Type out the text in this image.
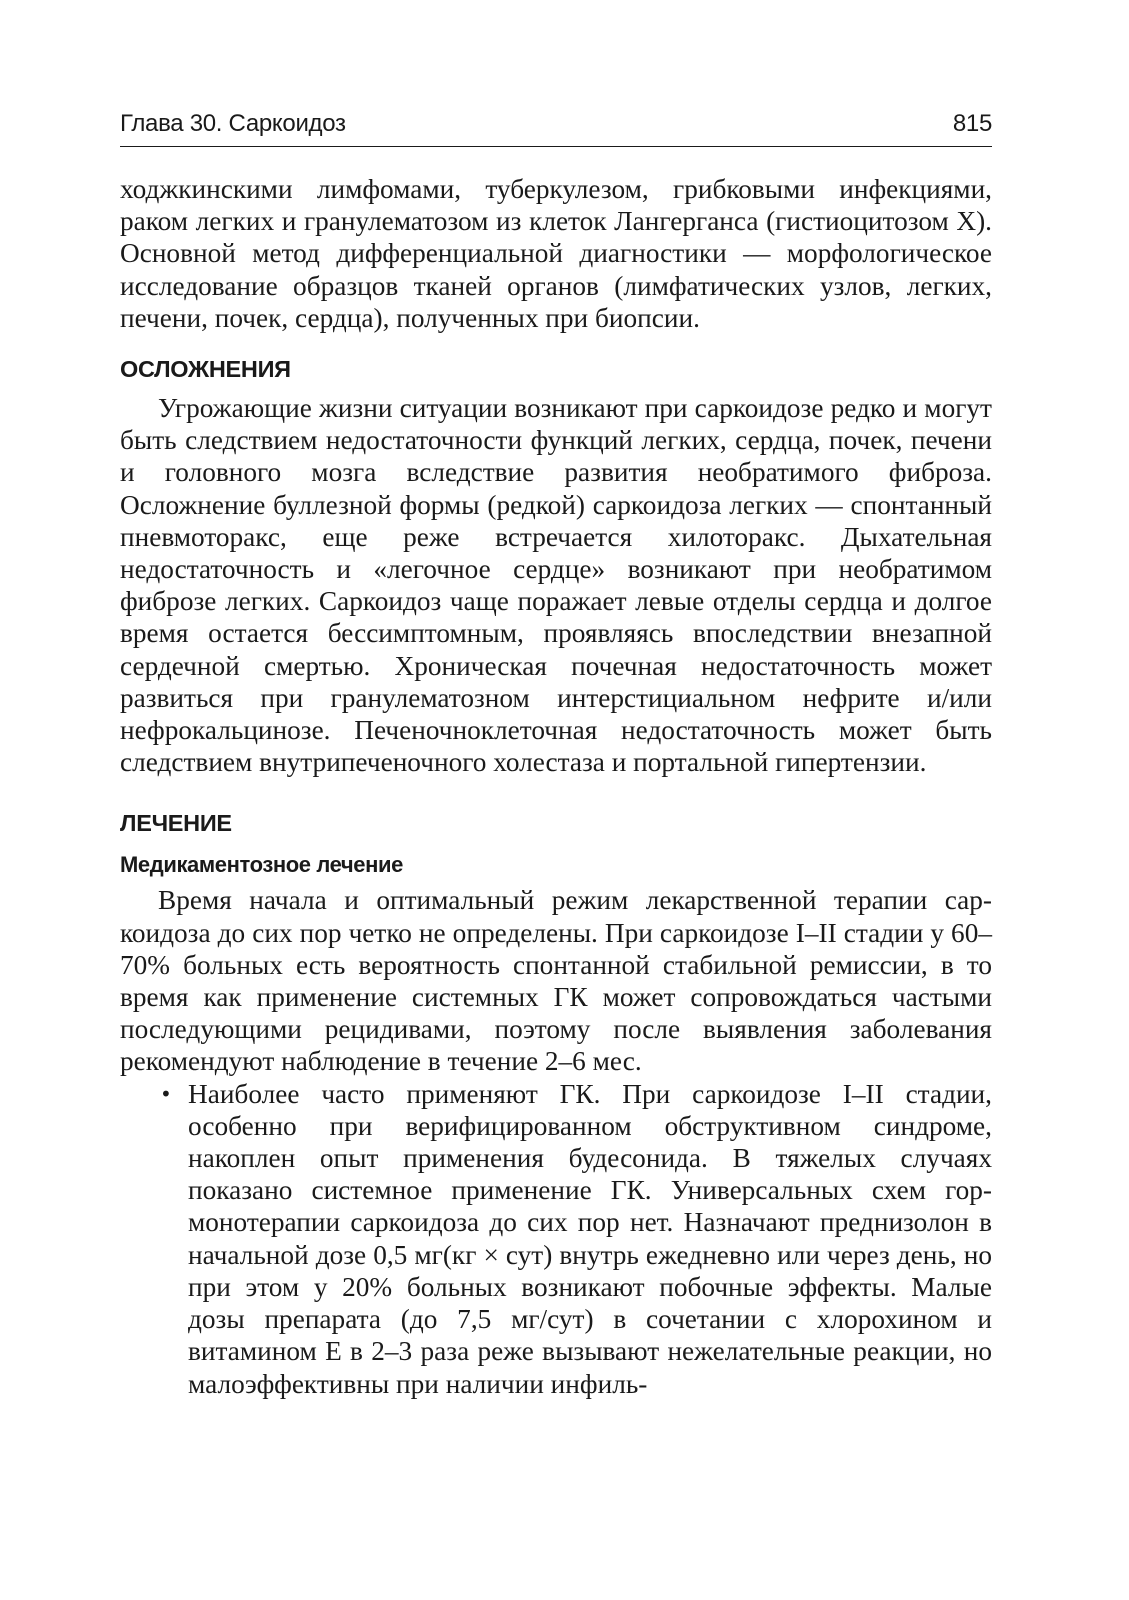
Глава 30. Саркоидоз	815

ходжкинскими лимфомами, туберкулезом, грибковыми инфекциями, раком легких и гранулематозом из клеток Лангерганса (гистиоцитозом X). Основной метод дифференциальной диагностики — морфологическое исследование образцов тканей органов (лимфатических узлов, легких, печени, почек, сердца), полученных при биопсии.

ОСЛОЖНЕНИЯ

Угрожающие жизни ситуации возникают при саркоидозе редко и могут быть следствием недостаточности функций легких, сердца, почек, печени и головного мозга вследствие развития необратимого фиброза. Осложнение буллезной формы (редкой) саркоидоза легких — спонтанный пневмоторакс, еще реже встречается хилоторакс. Дыхательная недостаточность и «легочное сердце» возникают при необратимом фиброзе легких. Саркоидоз чаще поражает левые отделы сердца и долгое время остается бессимптомным, проявляясь впоследствии внезапной сердечной смертью. Хроническая почечная недостаточность может развиться при гранулематозном интерстициальном нефрите и/или нефрокальцинозе. Печеночноклеточная недостаточность может быть следствием внутрипеченочного холестаза и портальной гипертензии.

ЛЕЧЕНИЕ
Медикаментозное лечение

Время начала и оптимальный режим лекарственной терапии саркоидоза до сих пор четко не определены. При саркоидозе I–II стадии у 60–70% больных есть вероятность спонтанной стабильной ремиссии, в то время как применение системных ГК может сопровождаться частыми последующими рецидивами, поэтому после выявления заболевания рекомендуют наблюдение в течение 2–6 мес.

• Наиболее часто применяют ГК. При саркоидозе I–II стадии, особенно при верифицированном обструктивном синдроме, накоплен опыт применения будесонида. В тяжелых случаях показано системное применение ГК. Универсальных схем гормонотерапии саркоидоза до сих пор нет. Назначают преднизолон в начальной дозе 0,5 мг(кг × сут) внутрь ежедневно или через день, но при этом у 20% больных возникают побочные эффекты. Малые дозы препарата (до 7,5 мг/сут) в сочетании с хлорохином и витамином Е в 2–3 раза реже вызывают нежелательные реакции, но малоэффективны при наличии инфиль-
